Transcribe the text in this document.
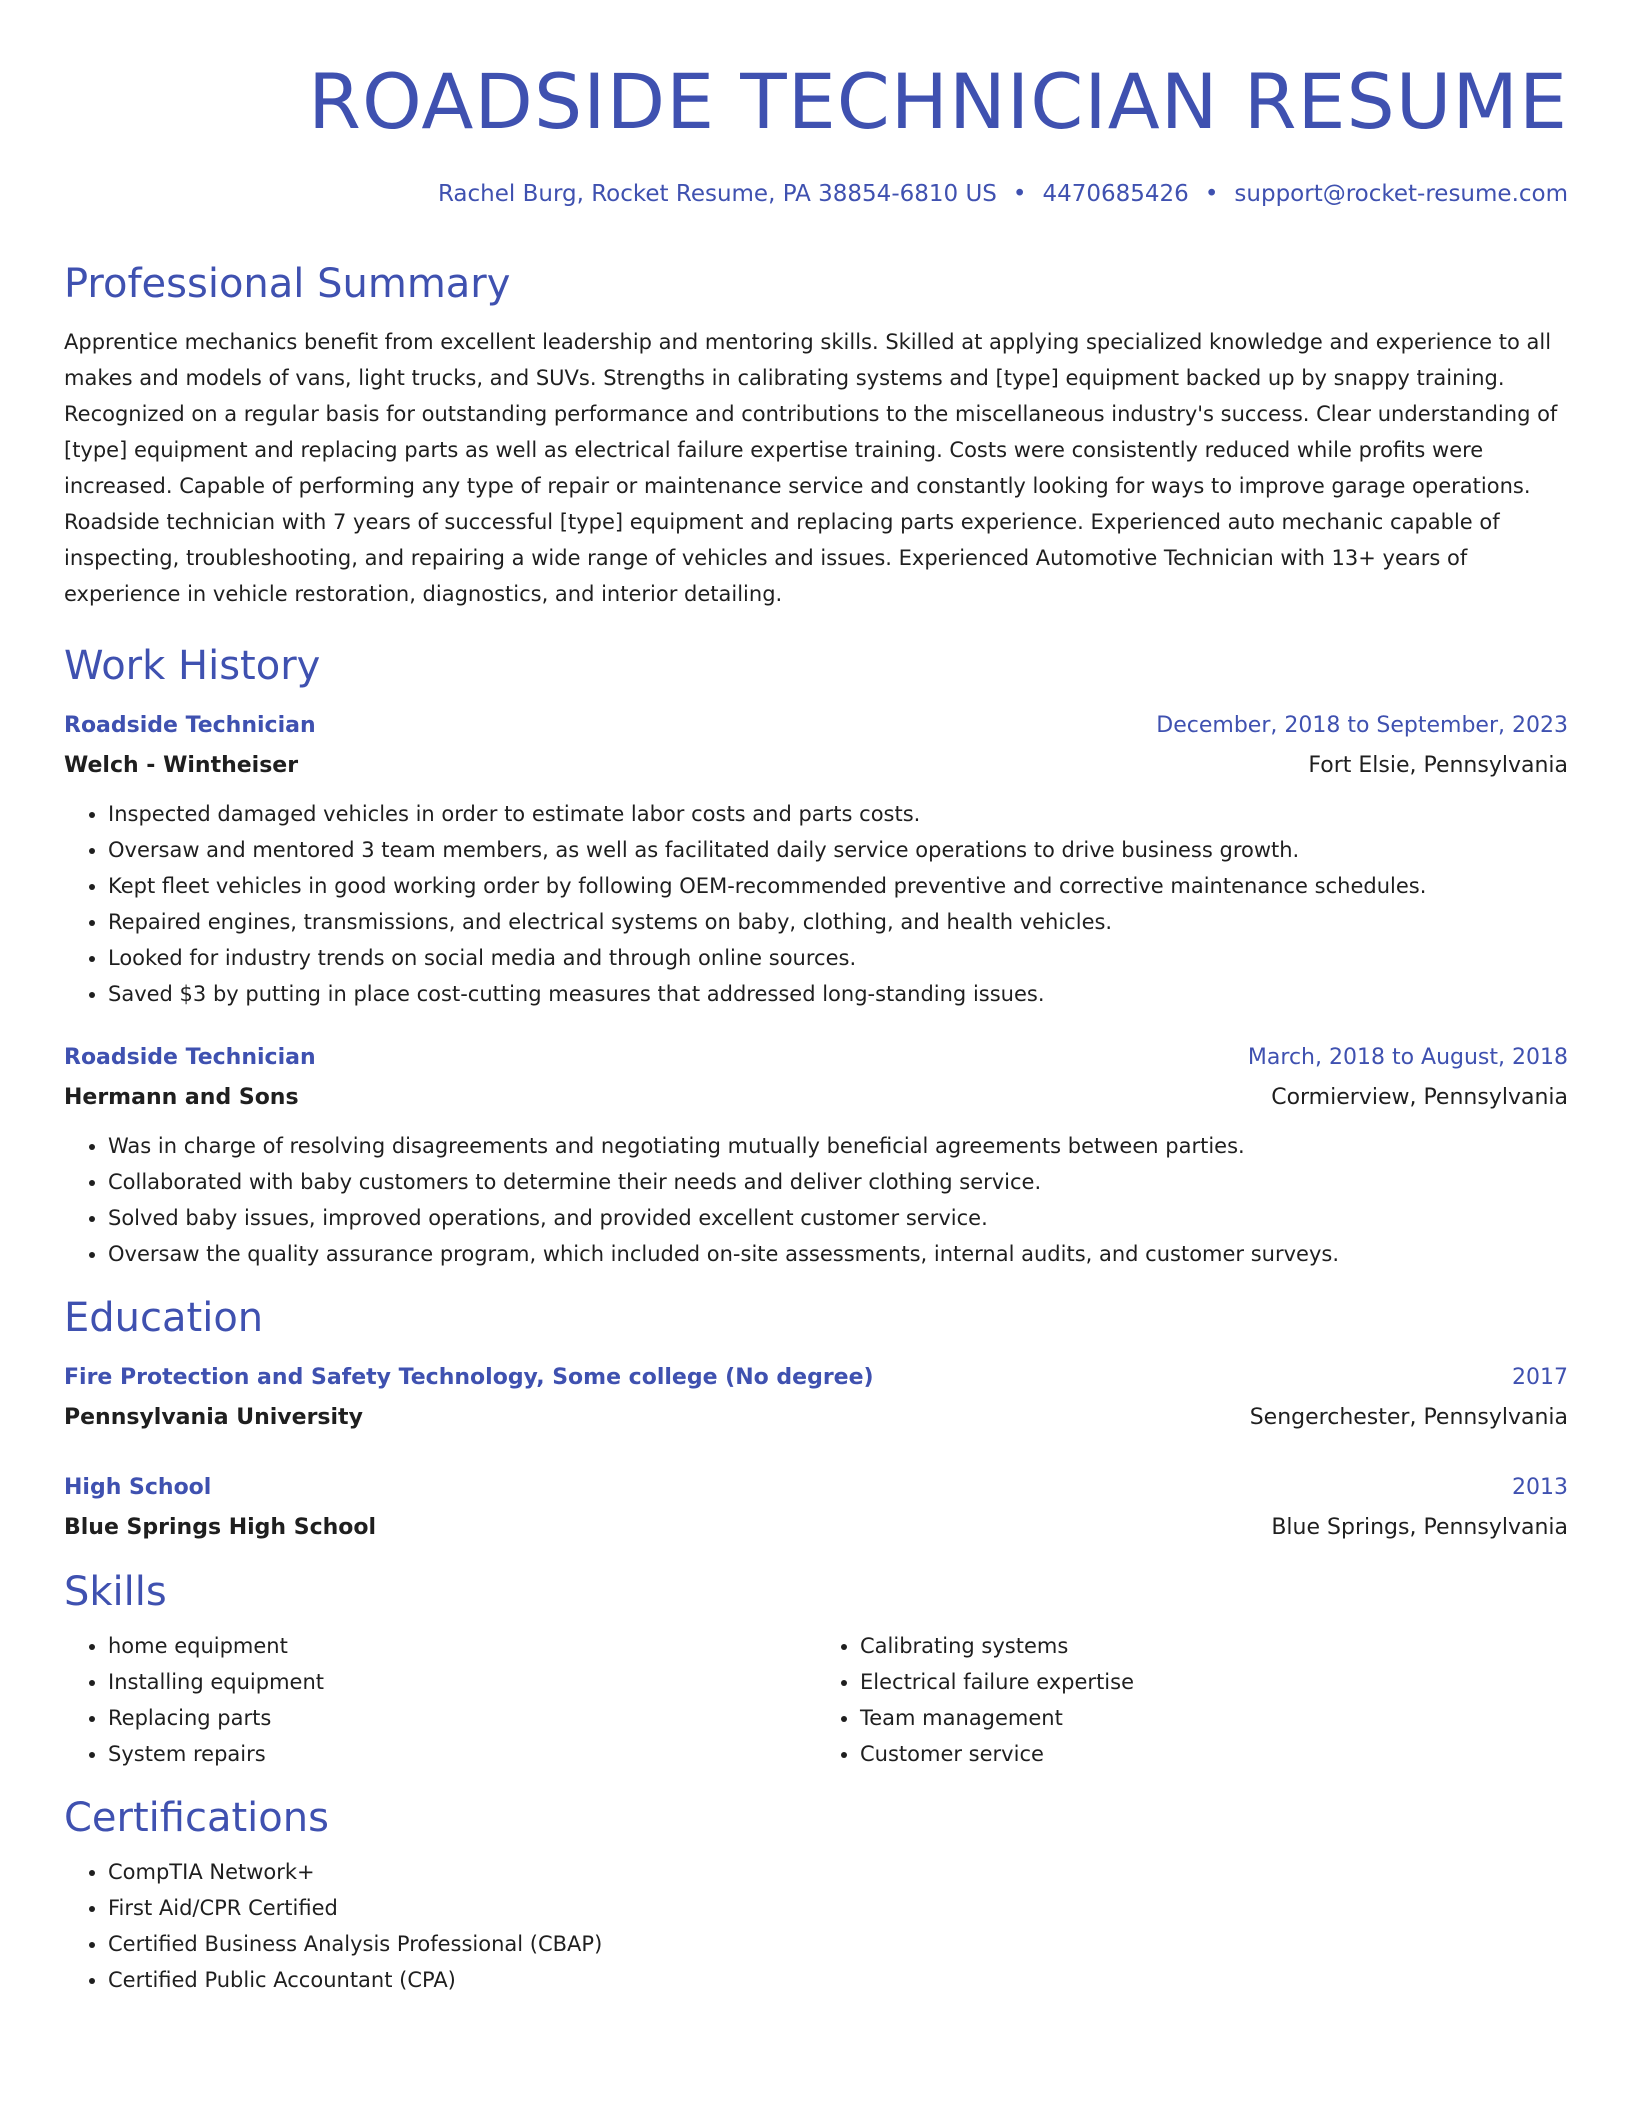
ROADSIDE TECHNICIAN RESUME
Rachel Burg, Rocket Resume, PA 38854-6810 US • 4470685426 • support@rocket-resume.com
Professional Summary
Apprentice mechanics benefit from excellent leadership and mentoring skills. Skilled at applying specialized knowledge and experience to all makes and models of vans, light trucks, and SUVs. Strengths in calibrating systems and [type] equipment backed up by snappy training. Recognized on a regular basis for outstanding performance and contributions to the miscellaneous industry's success. Clear understanding of [type] equipment and replacing parts as well as electrical failure expertise training. Costs were consistently reduced while profits were increased. Capable of performing any type of repair or maintenance service and constantly looking for ways to improve garage operations. Roadside technician with 7 years of successful [type] equipment and replacing parts experience. Experienced auto mechanic capable of inspecting, troubleshooting, and repairing a wide range of vehicles and issues. Experienced Automotive Technician with 13+ years of experience in vehicle restoration, diagnostics, and interior detailing.
Work History
Roadside Technician	December, 2018 to September, 2023
Welch - Wintheiser	Fort Elsie, Pennsylvania
• Inspected damaged vehicles in order to estimate labor costs and parts costs.
• Oversaw and mentored 3 team members, as well as facilitated daily service operations to drive business growth.
• Kept fleet vehicles in good working order by following OEM-recommended preventive and corrective maintenance schedules.
• Repaired engines, transmissions, and electrical systems on baby, clothing, and health vehicles.
• Looked for industry trends on social media and through online sources.
• Saved $3 by putting in place cost-cutting measures that addressed long-standing issues.
Roadside Technician	March, 2018 to August, 2018
Hermann and Sons	Cormierview, Pennsylvania
• Was in charge of resolving disagreements and negotiating mutually beneficial agreements between parties.
• Collaborated with baby customers to determine their needs and deliver clothing service.
• Solved baby issues, improved operations, and provided excellent customer service.
• Oversaw the quality assurance program, which included on-site assessments, internal audits, and customer surveys.
Education
Fire Protection and Safety Technology, Some college (No degree)	2017
Pennsylvania University	Sengerchester, Pennsylvania
High School	2013
Blue Springs High School	Blue Springs, Pennsylvania
Skills
• home equipment
• Installing equipment
• Replacing parts
• System repairs
• Calibrating systems
• Electrical failure expertise
• Team management
• Customer service
Certifications
• CompTIA Network+
• First Aid/CPR Certified
• Certified Business Analysis Professional (CBAP)
• Certified Public Accountant (CPA)
